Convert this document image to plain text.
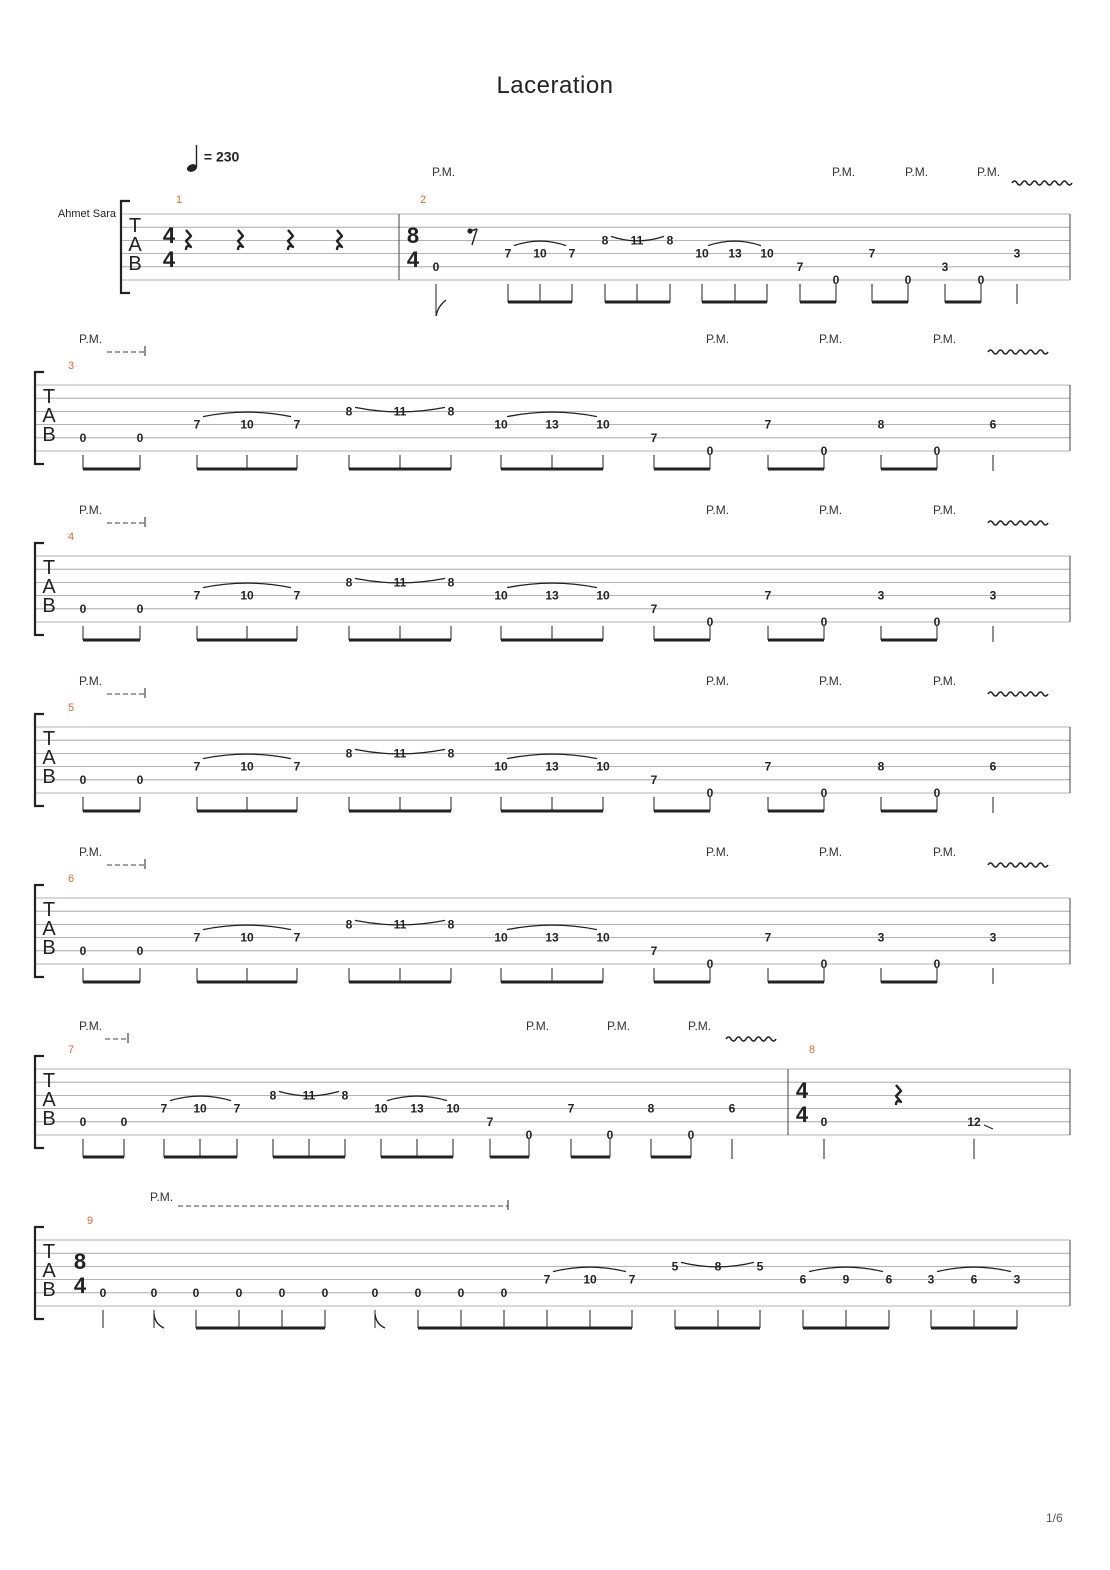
Laceration
= 230
Ahmet Sara
T
A
B
1	2
4
4
8
4
P.M.	P.M.	P.M.	P.M.
0
7 10 7
8 11 8
10 13 10
7
0
7
0
3
0
3
T
A
B
3
P.M.	P.M.	P.M.	P.M.
0	0
7	10	7
8	11	8
10	13	10
7
0
7
0
8
0
6
T
A
B
4
P.M.	P.M.	P.M.	P.M.
0	0
7	10	7
8	11	8
10	13	10
7
0
7
0
3
0
3
T
A
B
5
P.M.	P.M.	P.M.	P.M.
0	0
7	10	7
8	11	8
10	13	10
7
0
7
0
8
0
6
T
A
B
6
P.M.	P.M.	P.M.	P.M.
0	0
7	10	7
8	11	8
10	13	10
7
0
7
0
3
0
3
T
A
B
7	8
P.M.	P.M.	P.M.	P.M.
0	0
7 10 7
8 11 8
10 13 10
7
0
7
0
8
0
6
4
4 0	12
T
A
B
9
8
4
P.M.
0	0	0	0	0	0	0	0	0	0
7	10	7
5	8	5
6	9	6	3	6	3
1/6
